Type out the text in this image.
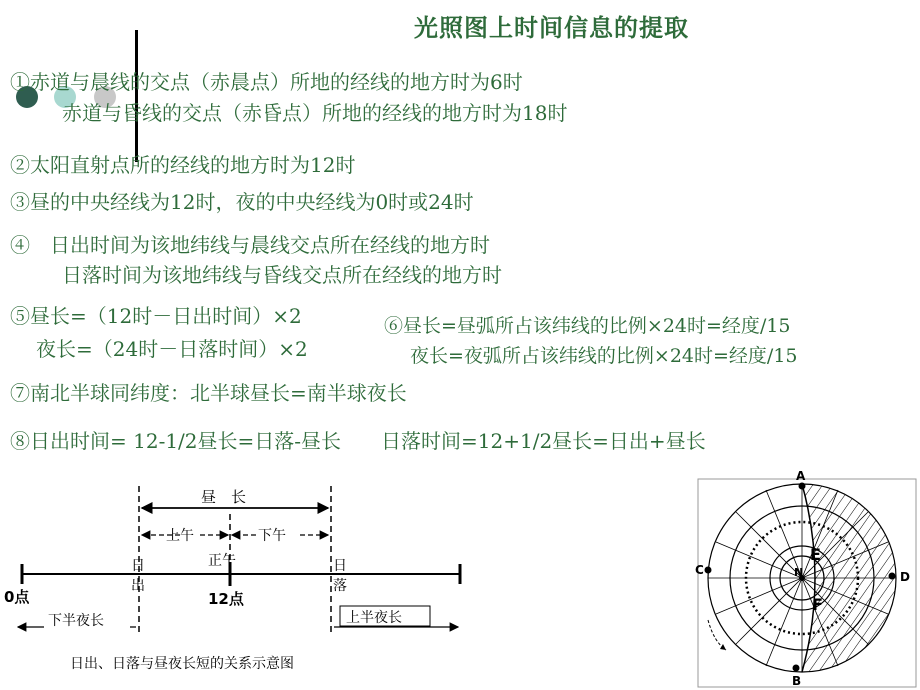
光照图上时间信息的提取
①赤道与晨线的交点（赤晨点）所地的经线的地方时为6时
赤道与昏线的交点（赤昏点）所地的经线的地方时为18时
②太阳直射点所的经线的地方时为12时
③昼的中央经线为12时，夜的中央经线为0时或24时
④　日出时间为该地纬线与晨线交点所在经线的地方时
日落时间为该地纬线与昏线交点所在经线的地方时
⑤昼长=（12时－日出时间）×2
夜长=（24时－日落时间）×2
⑥昼长=昼弧所占该纬线的比例×24时=经度/15
夜长=夜弧所占该纬线的比例×24时=经度/15
⑦南北半球同纬度：北半球昼长=南半球夜长
⑧日出时间= 12-1/2昼长=日落-昼长　　日落时间=12+1/2昼长=日出+昼长
昼　长
上午	下午
正午
日
出
日
落
0点	12点
下半夜长	上半夜长
日出、日落与昼夜长短的关系示意图
A
B
C	D
N
E
F
